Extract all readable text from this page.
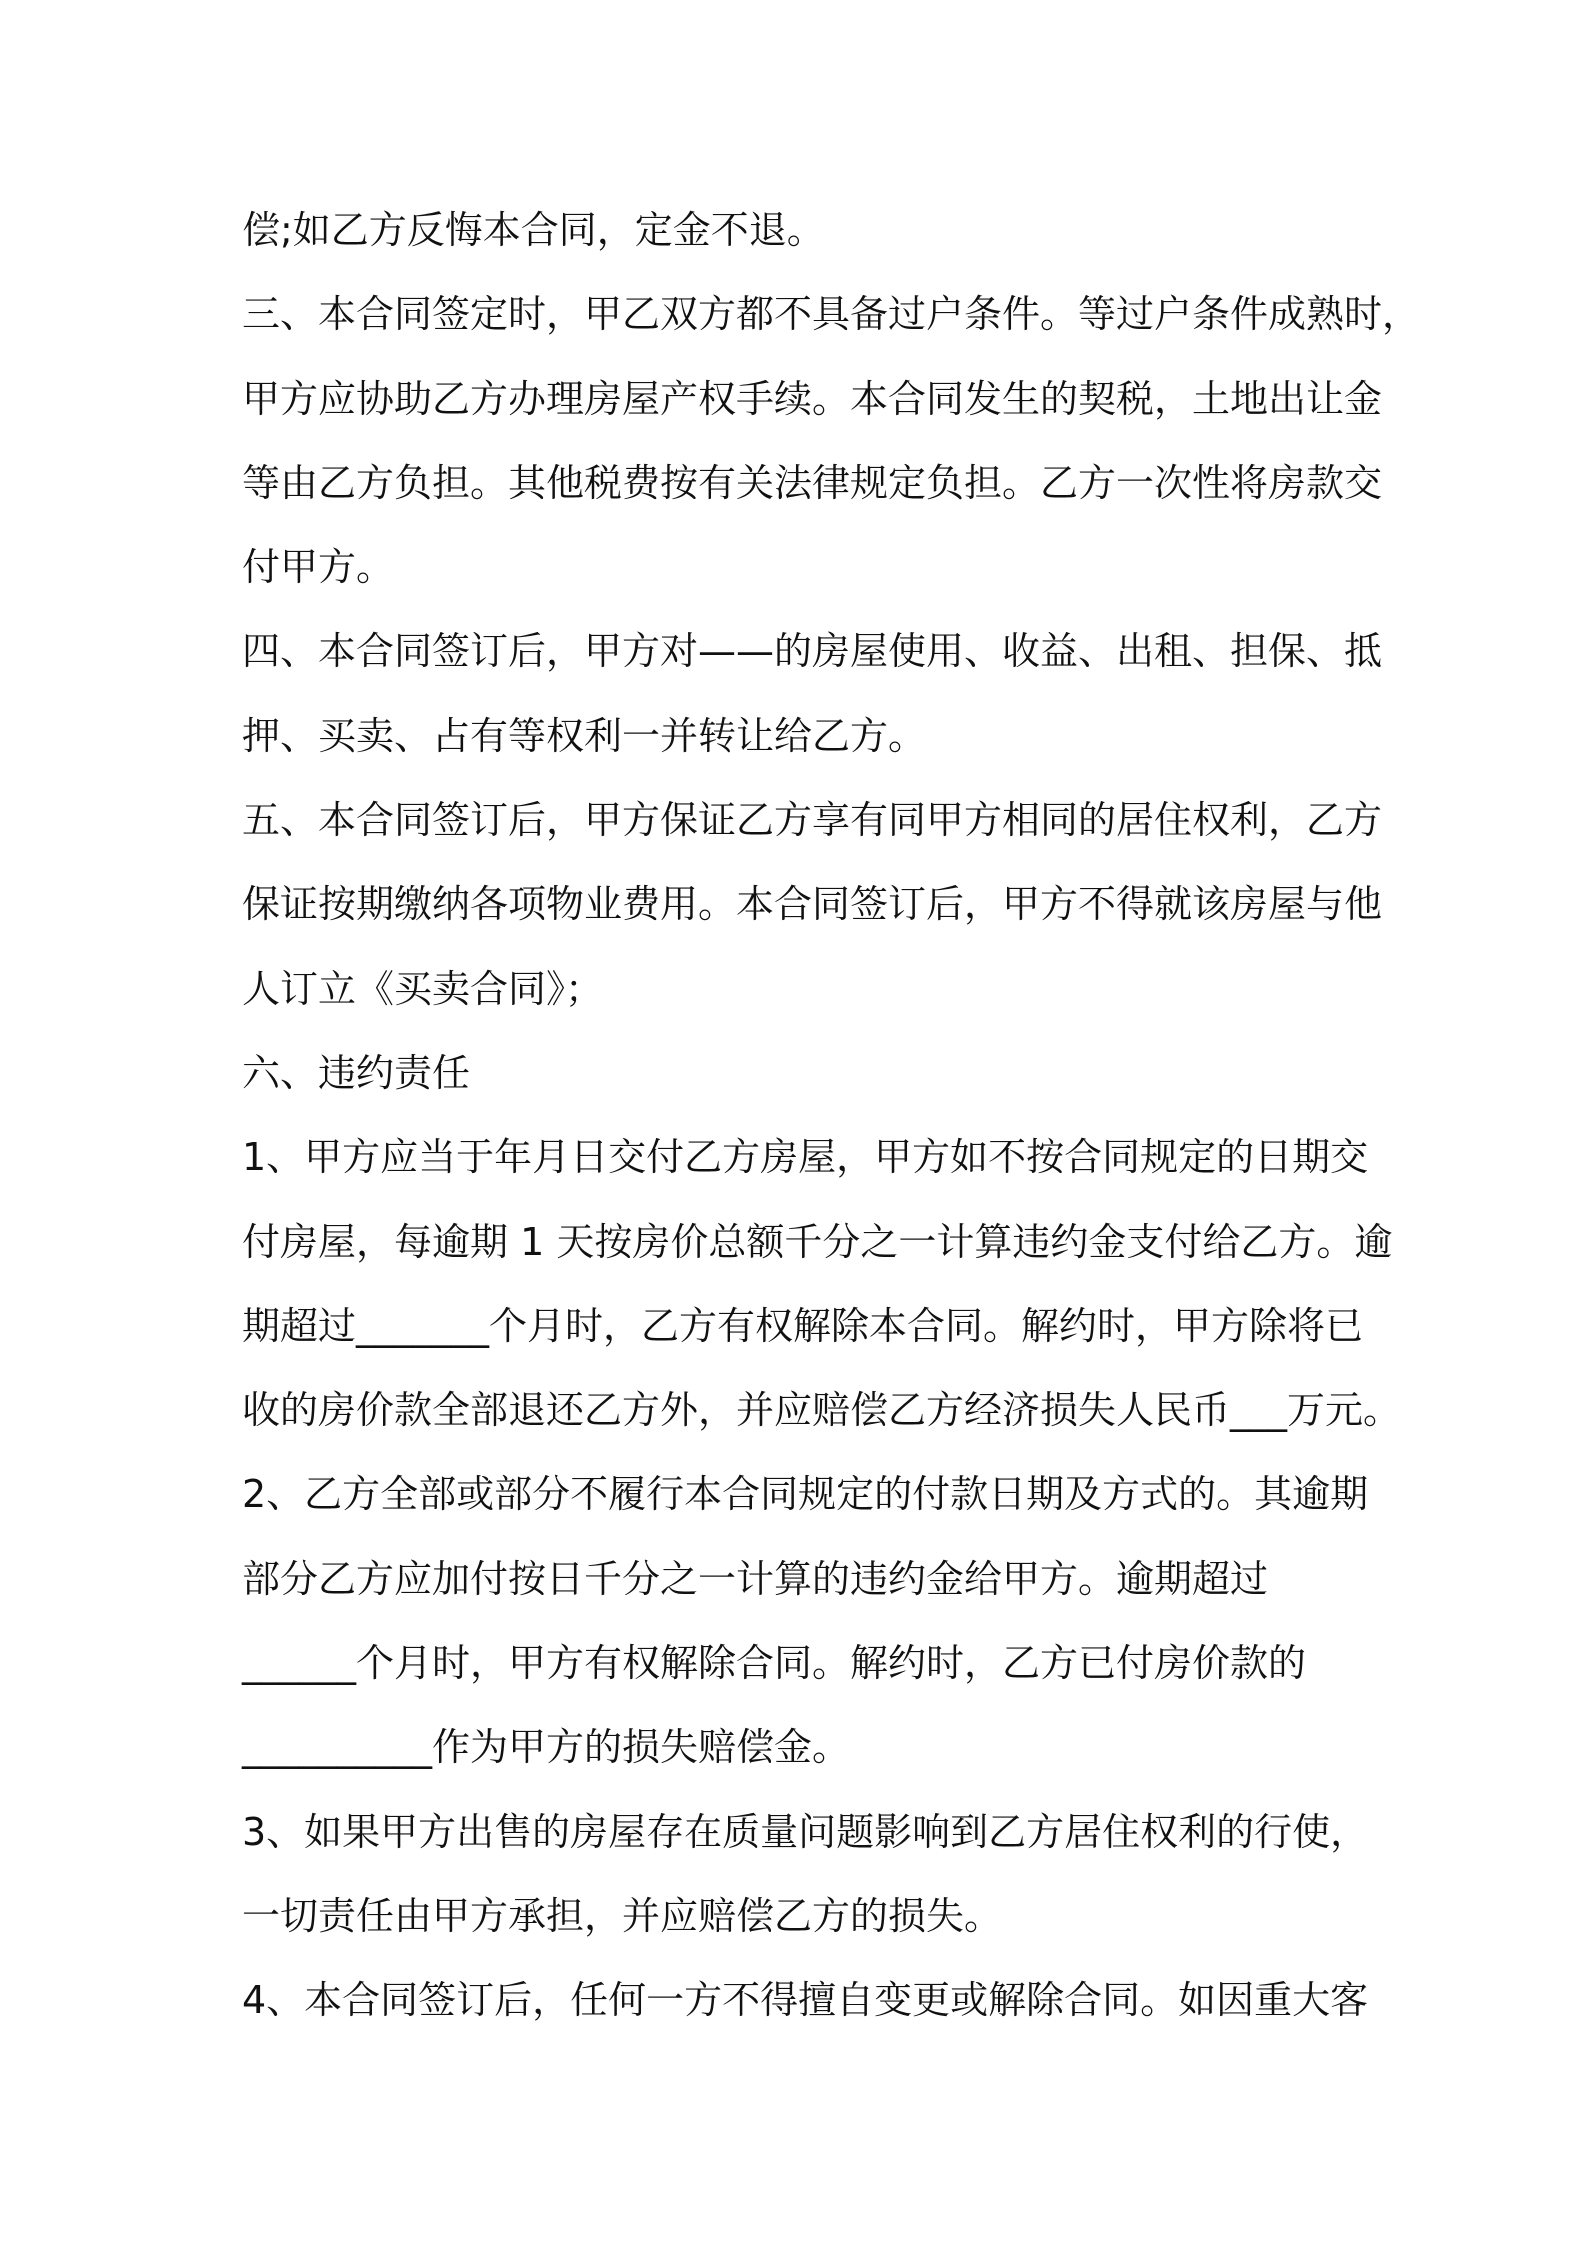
偿;如乙方反悔本合同，定金不退。
三、本合同签定时，甲乙双方都不具备过户条件。等过户条件成熟时，
甲方应协助乙方办理房屋产权手续。本合同发生的契税，土地出让金
等由乙方负担。其他税费按有关法律规定负担。乙方一次性将房款交
付甲方。
四、本合同签订后，甲方对——的房屋使用、收益、出租、担保、抵
押、买卖、占有等权利一并转让给乙方。
五、本合同签订后，甲方保证乙方享有同甲方相同的居住权利，乙方
保证按期缴纳各项物业费用。本合同签订后，甲方不得就该房屋与他
人订立《买卖合同》；
六、违约责任
1、甲方应当于年月日交付乙方房屋，甲方如不按合同规定的日期交
付房屋，每逾期 1 天按房价总额千分之一计算违约金支付给乙方。逾
期超过_______个月时，乙方有权解除本合同。解约时，甲方除将已
收的房价款全部退还乙方外，并应赔偿乙方经济损失人民币___万元。
2、乙方全部或部分不履行本合同规定的付款日期及方式的。其逾期
部分乙方应加付按日千分之一计算的违约金给甲方。逾期超过
______个月时，甲方有权解除合同。解约时，乙方已付房价款的
__________作为甲方的损失赔偿金。
3、如果甲方出售的房屋存在质量问题影响到乙方居住权利的行使，
一切责任由甲方承担，并应赔偿乙方的损失。
4、本合同签订后，任何一方不得擅自变更或解除合同。如因重大客
